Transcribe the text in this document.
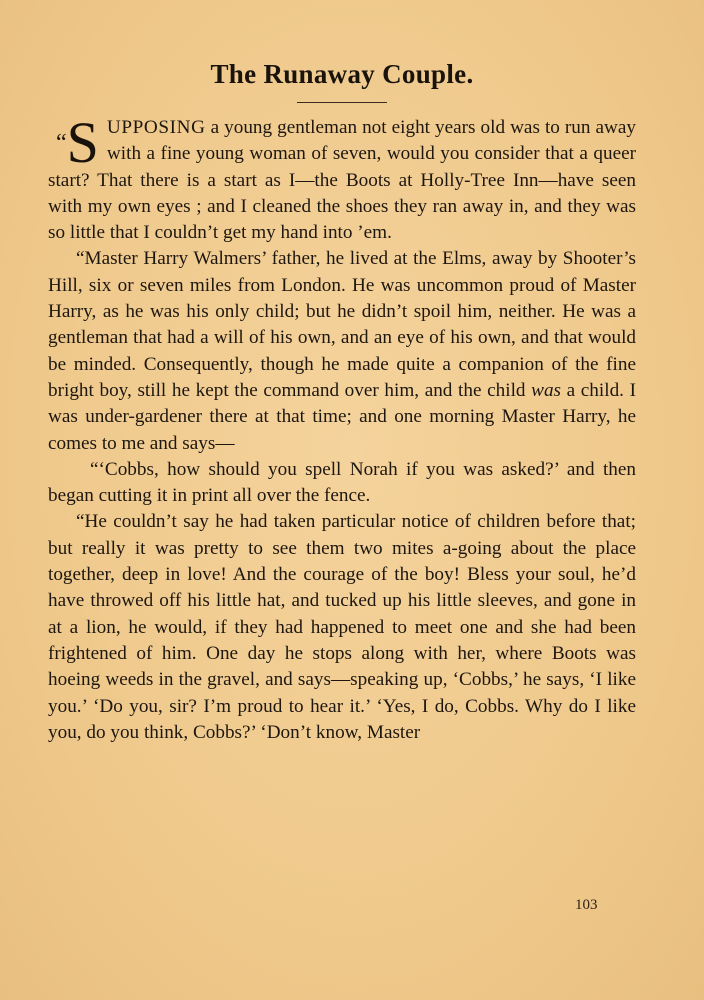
The Runaway Couple.

“S UPPOSING a young gentleman not eight years old was to run away with a fine young woman of seven, would you consider that a queer start? That there is a start as I—the Boots at Holly-Tree Inn—have seen with my own eyes ; and I cleaned the shoes they ran away in, and they was so little that I couldn’t get my hand into ’em.

“Master Harry Walmers’ father, he lived at the Elms, away by Shooter’s Hill, six or seven miles from London. He was uncommon proud of Master Harry, as he was his only child; but he didn’t spoil him, neither. He was a gentleman that had a will of his own, and an eye of his own, and that would be minded. Consequently, though he made quite a companion of the fine bright boy, still he kept the command over him, and the child was a child. I was under-gardener there at that time; and one morning Master Harry, he comes to me and says—

“‘Cobbs, how should you spell Norah if you was asked?’ and then began cutting it in print all over the fence.

“He couldn’t say he had taken particular notice of children before that; but really it was pretty to see them two mites a-going about the place together, deep in love! And the courage of the boy! Bless your soul, he’d have throwed off his little hat, and tucked up his little sleeves, and gone in at a lion, he would, if they had happened to meet one and she had been frightened of him. One day he stops along with her, where Boots was hoeing weeds in the gravel, and says—speaking up, ‘Cobbs,’ he says, ‘I like you.’ ‘Do you, sir? I’m proud to hear it.’ ‘Yes, I do, Cobbs. Why do I like you, do you think, Cobbs?’ ‘Don’t know, Master

103
